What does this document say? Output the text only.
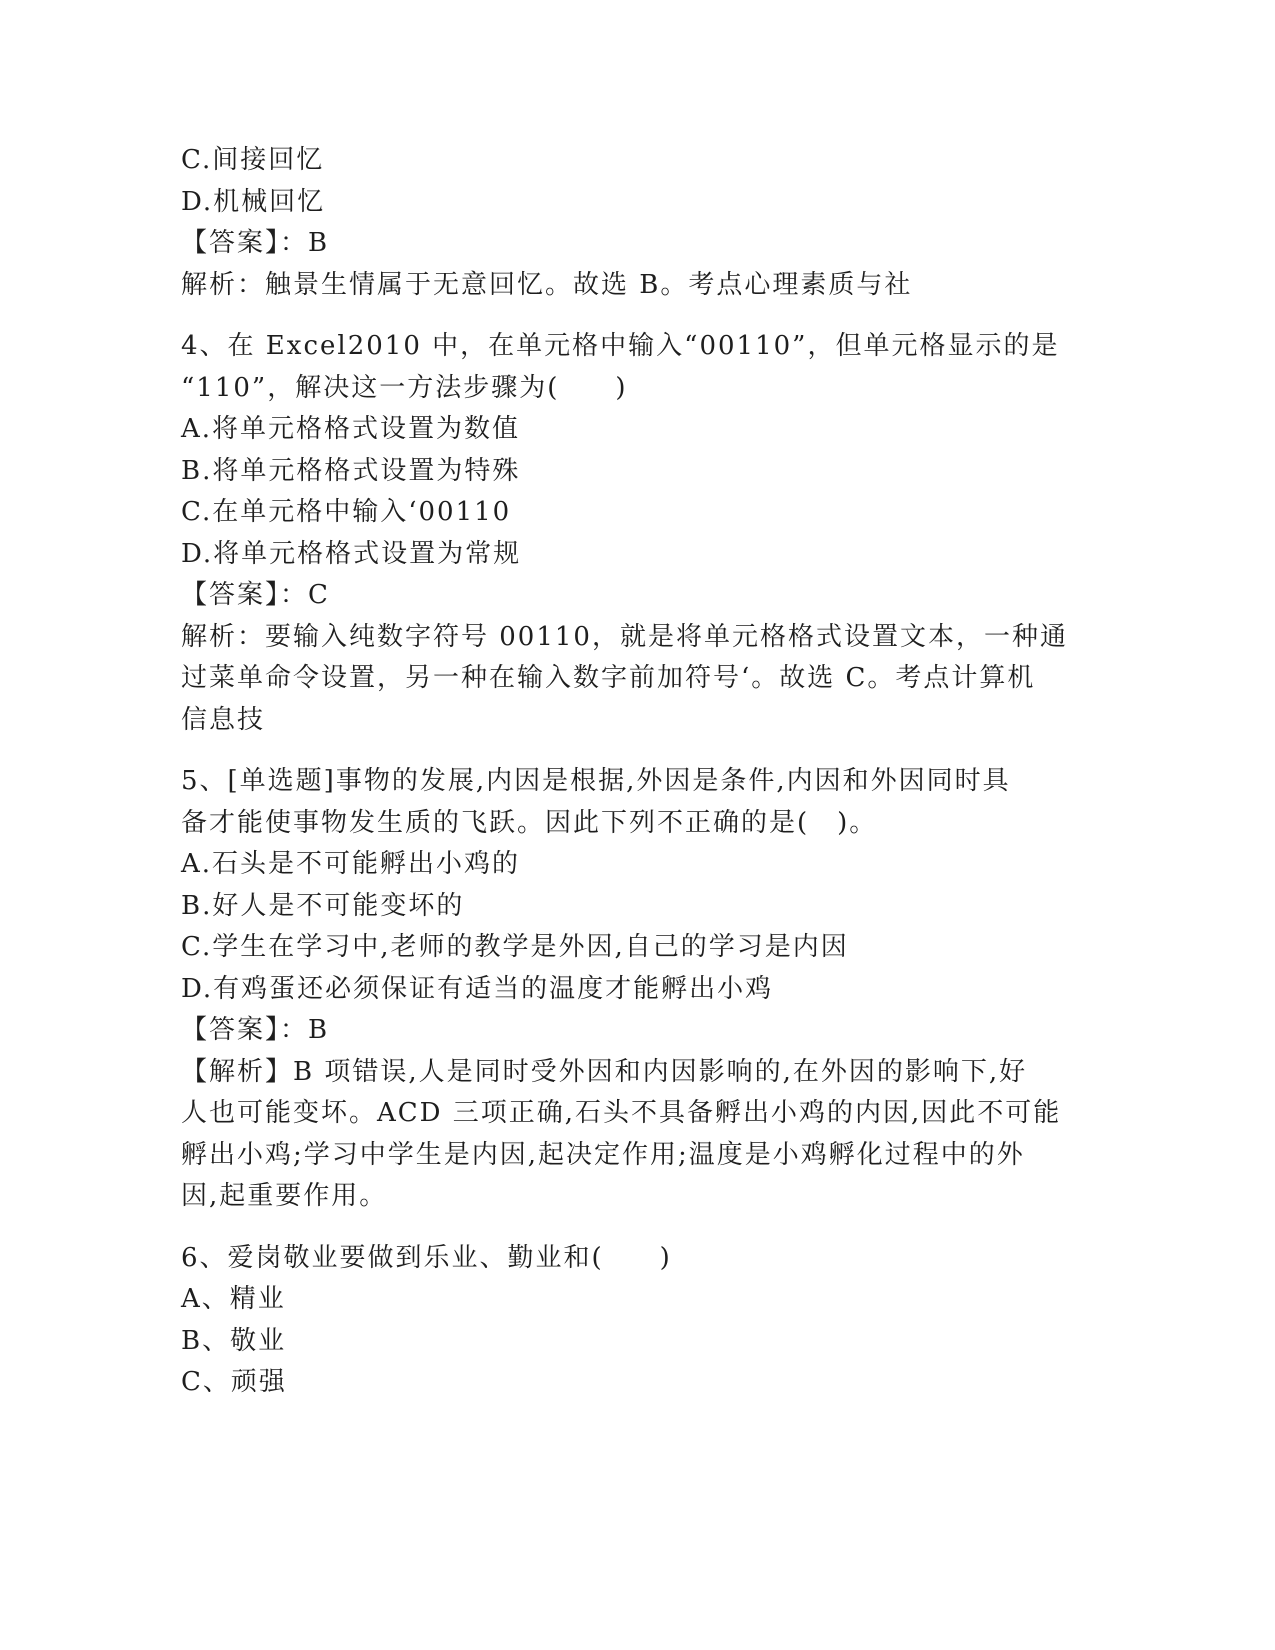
C.间接回忆
D.机械回忆
【答案】：B
解析：触景生情属于无意回忆。故选 B。考点心理素质与社
4、在 Excel2010 中，在单元格中输入“00110”，但单元格显示的是
“110”，解决这一方法步骤为(　　)
A.将单元格格式设置为数值
B.将单元格格式设置为特殊
C.在单元格中输入‘00110
D.将单元格格式设置为常规
【答案】：C
解析：要输入纯数字符号 00110，就是将单元格格式设置文本，一种通
过菜单命令设置，另一种在输入数字前加符号‘。故选 C。考点计算机
信息技
5、[单选题]事物的发展,内因是根据,外因是条件,内因和外因同时具
备才能使事物发生质的飞跃。因此下列不正确的是(　)。
A.石头是不可能孵出小鸡的
B.好人是不可能变坏的
C.学生在学习中,老师的教学是外因,自己的学习是内因
D.有鸡蛋还必须保证有适当的温度才能孵出小鸡
【答案】：B
【解析】B 项错误,人是同时受外因和内因影响的,在外因的影响下,好
人也可能变坏。ACD 三项正确,石头不具备孵出小鸡的内因,因此不可能
孵出小鸡;学习中学生是内因,起决定作用;温度是小鸡孵化过程中的外
因,起重要作用。
6、爱岗敬业要做到乐业、勤业和(　　)
A、精业
B、敬业
C、顽强
